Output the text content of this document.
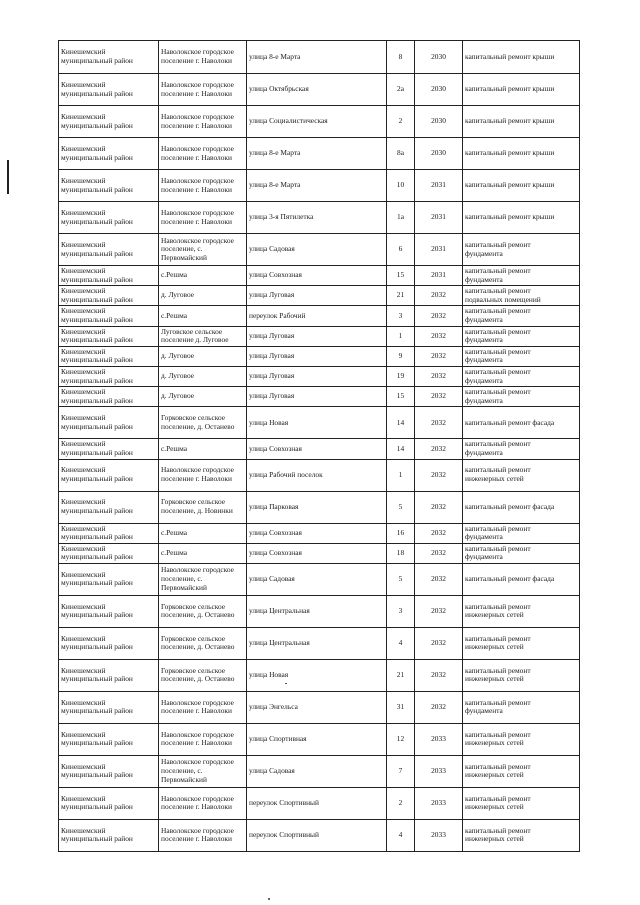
Кинешемский
муниципальный район	Наволокское городское
поселение г. Наволоки	улица 8-е Марта	8	2030	капитальный ремонт крыши
Кинешемский
муниципальный район	Наволокское городское
поселение г. Наволоки	улица Октябрьская	2а	2030	капитальный ремонт крыши
Кинешемский
муниципальный район	Наволокское городское
поселение г. Наволоки	улица Социалистическая	2	2030	капитальный ремонт крыши
Кинешемский
муниципальный район	Наволокское городское
поселение г. Наволоки	улица 8-е Марта	8а	2030	капитальный ремонт крыши
Кинешемский
муниципальный район	Наволокское городское
поселение г. Наволоки	улица 8-е Марта	10	2031	капитальный ремонт крыши
Кинешемский
муниципальный район	Наволокское городское
поселение г. Наволоки	улица 3-я Пятилетка	1а	2031	капитальный ремонт крыши
Кинешемский
муниципальный район	Наволокское городское
поселение, с.
Первомайский	улица Садовая	6	2031	капитальный ремонт
фундамента
Кинешемский
муниципальный район	с.Решма	улица Совхозная	15	2031	капитальный ремонт
фундамента
Кинешемский
муниципальный район	д. Луговое	улица Луговая	21	2032	капитальный ремонт
подвальных помещений
Кинешемский
муниципальный район	с.Решма	переулок Рабочий	3	2032	капитальный ремонт
фундамента
Кинешемский
муниципальный район	Луговское сельское
поселение д. Луговое	улица Луговая	1	2032	капитальный ремонт
фундамента
Кинешемский
муниципальный район	д. Луговое	улица Луговая	9	2032	капитальный ремонт
фундамента
Кинешемский
муниципальный район	д. Луговое	улица Луговая	19	2032	капитальный ремонт
фундамента
Кинешемский
муниципальный район	д. Луговое	улица Луговая	15	2032	капитальный ремонт
фундамента
Кинешемский
муниципальный район	Горковское сельское
поселение, д. Останево	улица Новая	14	2032	капитальный ремонт фасада
Кинешемский
муниципальный район	с.Решма	улица Совхозная	14	2032	капитальный ремонт
фундамента
Кинешемский
муниципальный район	Наволокское городское
поселение г. Наволоки	улица Рабочий поселок	1	2032	капитальный ремонт
инженерных сетей
Кинешемский
муниципальный район	Горковское сельское
поселение, д. Новинки	улица Парковая	5	2032	капитальный ремонт фасада
Кинешемский
муниципальный район	с.Решма	улица Совхозная	16	2032	капитальный ремонт
фундамента
Кинешемский
муниципальный район	с.Решма	улица Совхозная	18	2032	капитальный ремонт
фундамента
Кинешемский
муниципальный район	Наволокское городское
поселение, с.
Первомайский	улица Садовая	5	2032	капитальный ремонт фасада
Кинешемский
муниципальный район	Горковское сельское
поселение, д. Останево	улица Центральная	3	2032	капитальный ремонт
инженерных сетей
Кинешемский
муниципальный район	Горковское сельское
поселение, д. Останево	улица Центральная	4	2032	капитальный ремонт
инженерных сетей
Кинешемский
муниципальный район	Горковское сельское
поселение, д. Останево	улица Новая	21	2032	капитальный ремонт
инженерных сетей
Кинешемский
муниципальный район	Наволокское городское
поселение г. Наволоки	улица Энгельса	31	2032	капитальный ремонт
фундамента
Кинешемский
муниципальный район	Наволокское городское
поселение г. Наволоки	улица Спортивная	12	2033	капитальный ремонт
инженерных сетей
Кинешемский
муниципальный район	Наволокское городское
поселение, с.
Первомайский	улица Садовая	7	2033	капитальный ремонт
инженерных сетей
Кинешемский
муниципальный район	Наволокское городское
поселение г. Наволоки	переулок Спортивный	2	2033	капитальный ремонт
инженерных сетей
Кинешемский
муниципальный район	Наволокское городское
поселение г. Наволоки	переулок Спортивный	4	2033	капитальный ремонт
инженерных сетей
